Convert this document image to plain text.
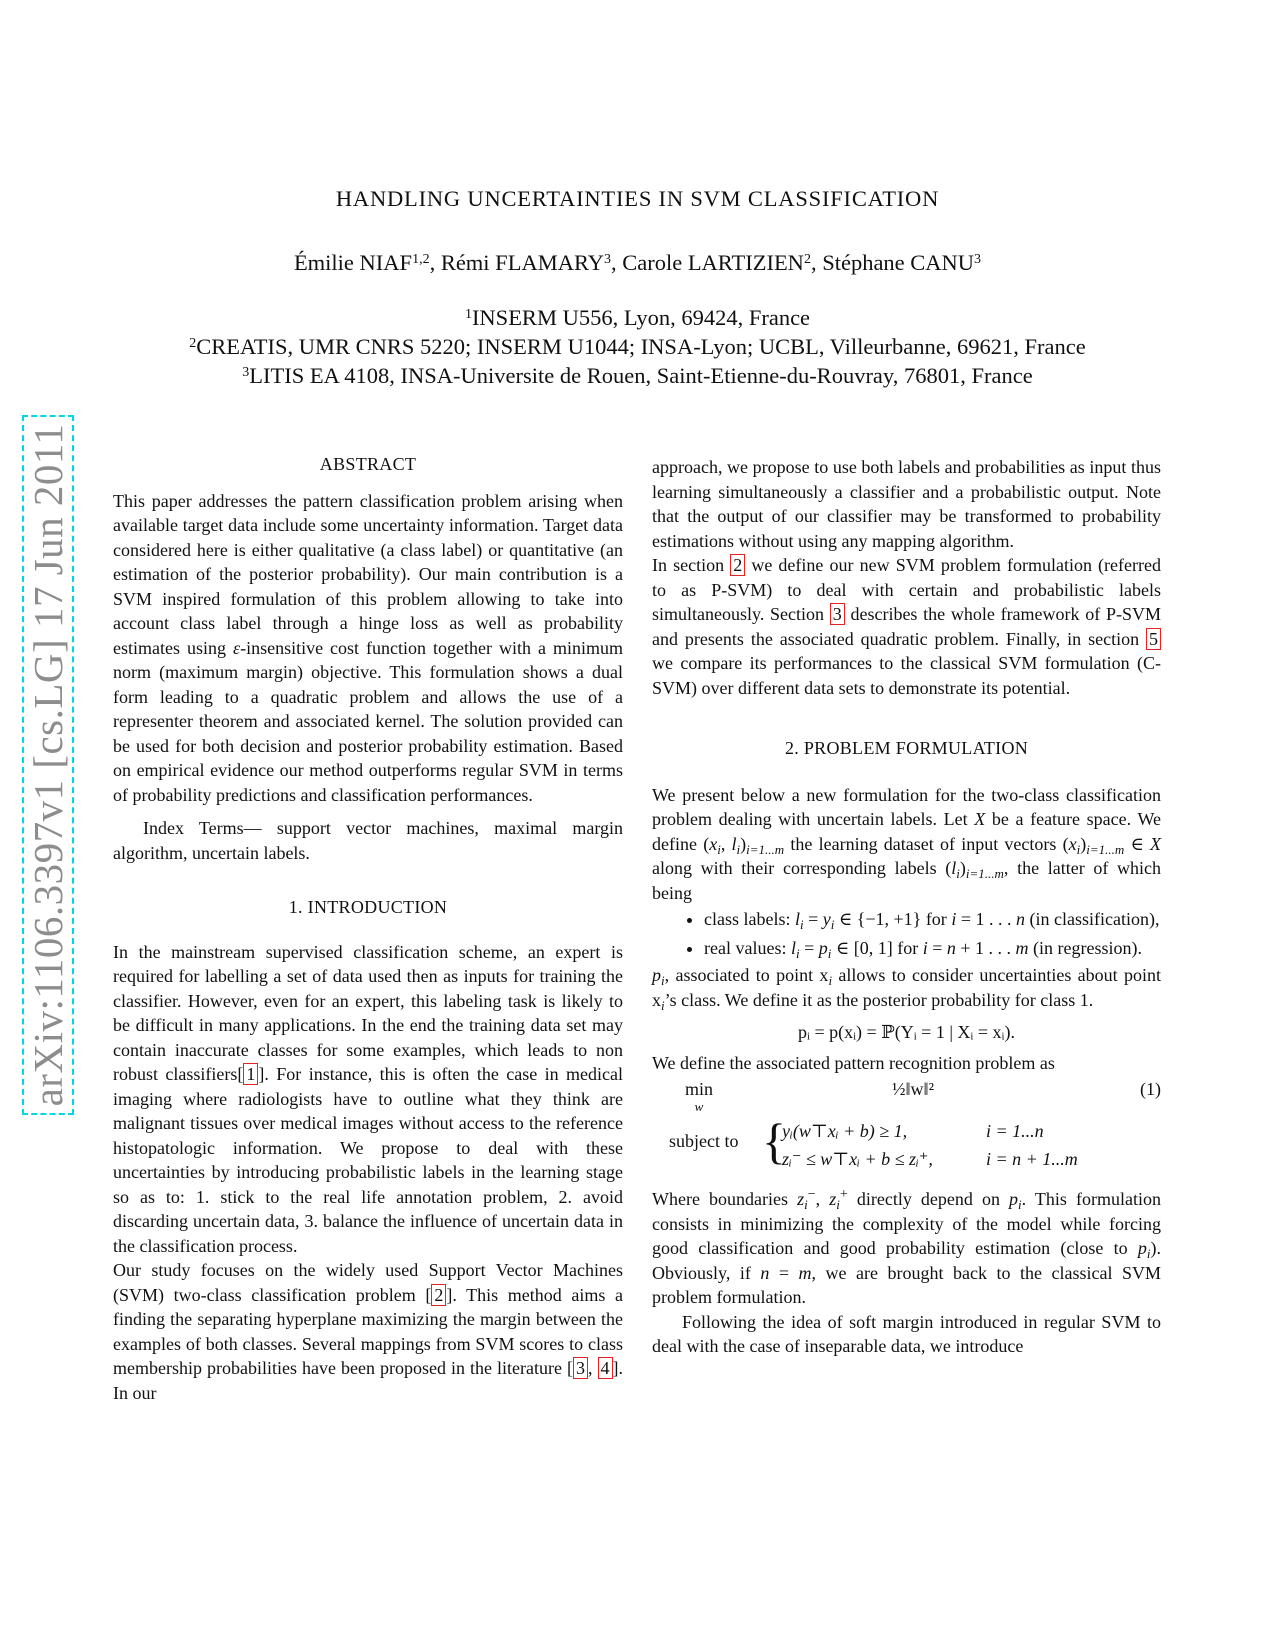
arXiv:1106.3397v1 [cs.LG] 17 Jun 2011
HANDLING UNCERTAINTIES IN SVM CLASSIFICATION
Émilie NIAF$^{1,2}$, Rémi FLAMARY$^3$, Carole LARTIZIEN$^2$, Stéphane CANU$^3$
$^1$INSERM U556, Lyon, 69424, France
$^2$CREATIS, UMR CNRS 5220; INSERM U1044; INSA-Lyon; UCBL, Villeurbanne, 69621, France
$^3$LITIS EA 4108, INSA-Universite de Rouen, Saint-Etienne-du-Rouvray, 76801, France

ABSTRACT

This paper addresses the pattern classification problem arising when available target data include some uncertainty information. Target data considered here is either qualitative (a class label) or quantitative (an estimation of the posterior probability). Our main contribution is a SVM inspired formulation of this problem allowing to take into account class label through a hinge loss as well as probability estimates using ε-insensitive cost function together with a minimum norm (maximum margin) objective. This formulation shows a dual form leading to a quadratic problem and allows the use of a representer theorem and associated kernel. The solution provided can be used for both decision and posterior probability estimation. Based on empirical evidence our method outperforms regular SVM in terms of probability predictions and classification performances.

Index Terms— support vector machines, maximal margin algorithm, uncertain labels.

1. INTRODUCTION

In the mainstream supervised classification scheme, an expert is required for labelling a set of data used then as inputs for training the classifier. However, even for an expert, this labeling task is likely to be difficult in many applications. In the end the training data set may contain inaccurate classes for some examples, which leads to non robust classifiers[ 1 ]. For instance, this is often the case in medical imaging where radiologists have to outline what they think are malignant tissues over medical images without access to the reference histopatologic information. We propose to deal with these uncertainties by introducing probabilistic labels in the learning stage so as to: 1. stick to the real life annotation problem, 2. avoid discarding uncertain data, 3. balance the influence of uncertain data in the classification process.

Our study focuses on the widely used Support Vector Machines (SVM) two-class classification problem [ 2 ]. This method aims a finding the separating hyperplane maximizing the margin between the examples of both classes. Several mappings from SVM scores to class membership probabilities have been proposed in the literature [ 3 , 4 ]. In our

approach, we propose to use both labels and probabilities as input thus learning simultaneously a classifier and a probabilistic output. Note that the output of our classifier may be transformed to probability estimations without using any mapping algorithm.

In section 2 we define our new SVM problem formulation (referred to as P-SVM) to deal with certain and probabilistic labels simultaneously. Section 3 describes the whole framework of P-SVM and presents the associated quadratic problem. Finally, in section 5 we compare its performances to the classical SVM formulation (C-SVM) over different data sets to demonstrate its potential.

2. PROBLEM FORMULATION

We present below a new formulation for the two-class classification problem dealing with uncertain labels. Let X be a feature space. We define ($x_i$, $l_i)_{i=1...m}$ the learning dataset of input vectors $(x_i)_{i=1...m}$ ∈ X along with their corresponding labels $(l_i)_{i=1...m}$, the latter of which being

• class labels: $l_i = y_i$ ∈ {−1, +1} for i = 1 . . . n (in classification),
• real values: $l_i = p_i$ ∈ [0, 1] for i = n + 1 . . . m (in regression).

$p_i$, associated to point $x_i$ allows to consider uncertainties about point $x_i’s$ class. We define it as the posterior probability for class 1.

pᵢ = p(xᵢ) = ℙ(Yᵢ = 1 | Xᵢ = xᵢ).

We define the associated pattern recognition problem as

min
w
½‖w‖²	(1)
subject to {
yᵢ(w⊤xᵢ + b) ≥ 1,	i = 1...n
zᵢ⁻ ≤ w⊤xᵢ + b ≤ zᵢ⁺,	i = n + 1...m

Where boundaries $z_i^-$, $z_i^+$ directly depend on $p_i$. This formulation consists in minimizing the complexity of the model while forcing good classification and good probability estimation (close to $p_i$). Obviously, if n = m, we are brought back to the classical SVM problem formulation.

Following the idea of soft margin introduced in regular SVM to deal with the case of inseparable data, we introduce
